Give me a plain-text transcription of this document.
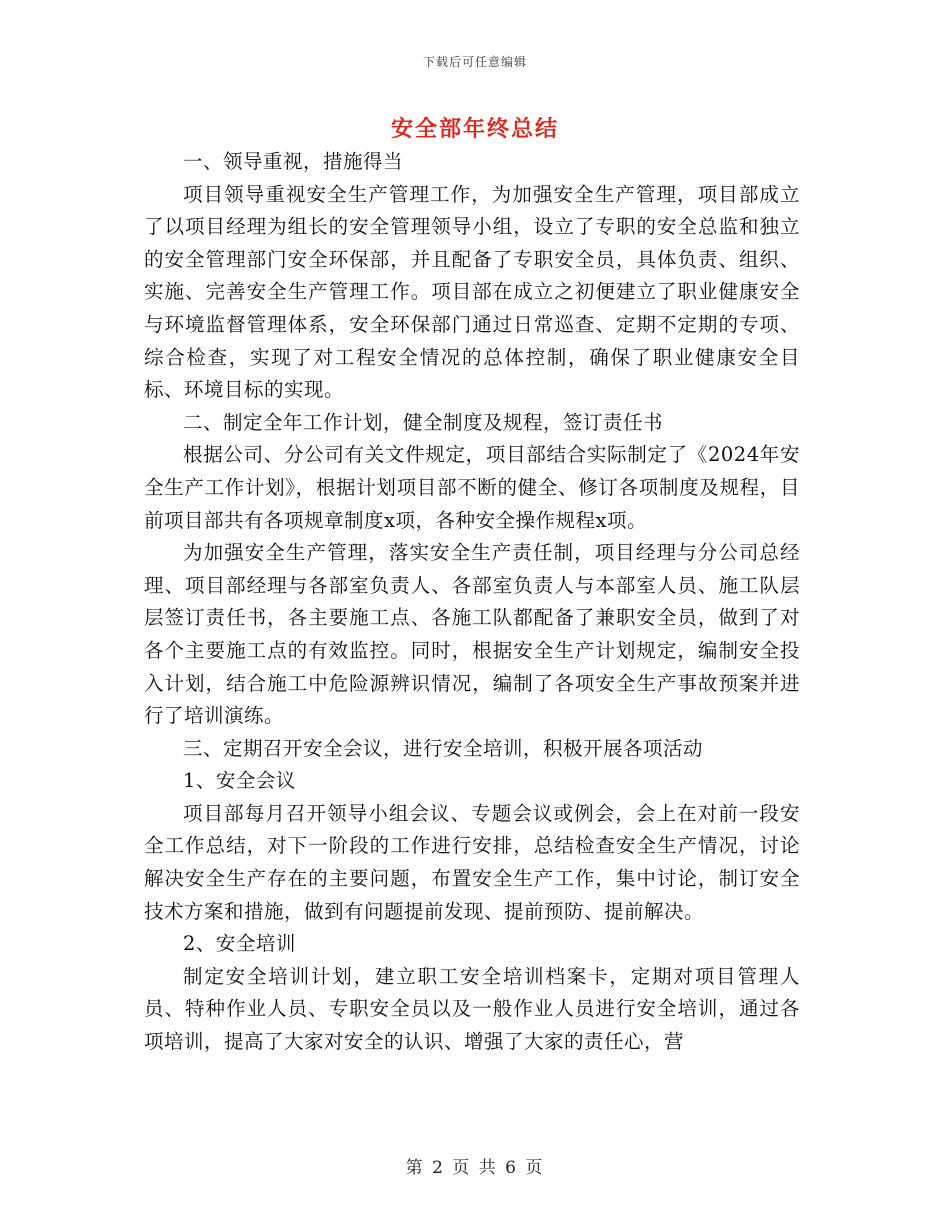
下载后可任意编辑
安全部年终总结

一、领导重视，措施得当

项目领导重视安全生产管理工作，为加强安全生产管理，项目部成立了以项目经理为组长的安全管理领导小组，设立了专职的安全总监和独立的安全管理部门安全环保部，并且配备了专职安全员，具体负责、组织、实施、完善安全生产管理工作。项目部在成立之初便建立了职业健康安全与环境监督管理体系，安全环保部门通过日常巡查、定期不定期的专项、综合检查，实现了对工程安全情况的总体控制，确保了职业健康安全目标、环境目标的实现。

二、制定全年工作计划，健全制度及规程，签订责任书

根据公司、分公司有关文件规定，项目部结合实际制定了《2024年安全生产工作计划》，根据计划项目部不断的健全、修订各项制度及规程，目前项目部共有各项规章制度x项，各种安全操作规程x项。

为加强安全生产管理，落实安全生产责任制，项目经理与分公司总经理、项目部经理与各部室负责人、各部室负责人与本部室人员、施工队层层签订责任书，各主要施工点、各施工队都配备了兼职安全员，做到了对各个主要施工点的有效监控。同时，根据安全生产计划规定，编制安全投入计划，结合施工中危险源辨识情况，编制了各项安全生产事故预案并进行了培训演练。

三、定期召开安全会议，进行安全培训，积极开展各项活动

1、安全会议

项目部每月召开领导小组会议、专题会议或例会，会上在对前一段安全工作总结，对下一阶段的工作进行安排，总结检查安全生产情况，讨论解决安全生产存在的主要问题，布置安全生产工作，集中讨论，制订安全技术方案和措施，做到有问题提前发现、提前预防、提前解决。

2、安全培训

制定安全培训计划，建立职工安全培训档案卡，定期对项目管理人员、特种作业人员、专职安全员以及一般作业人员进行安全培训，通过各项培训，提高了大家对安全的认识、增强了大家的责任心，营

第 2 页 共 6 页
